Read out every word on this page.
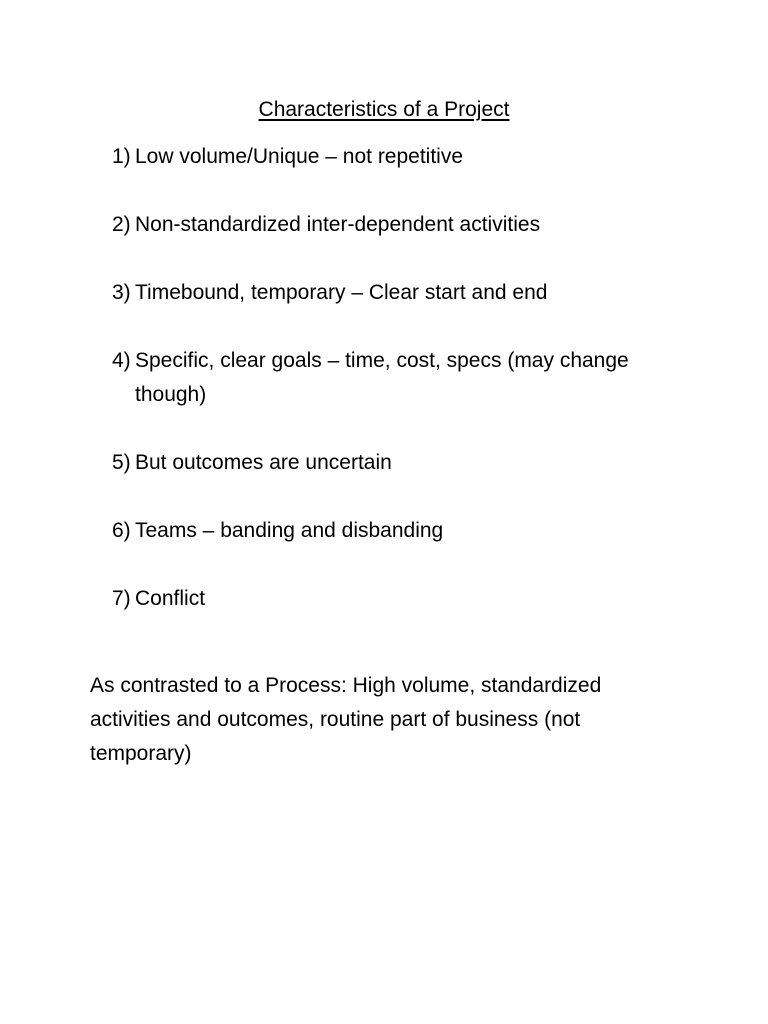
Characteristics of a Project
1) Low volume/Unique – not repetitive
2) Non-standardized inter-dependent activities
3) Timebound, temporary – Clear start and end
4) Specific, clear goals – time, cost, specs (may change though)
5) But outcomes are uncertain
6) Teams – banding and disbanding
7) Conflict

As contrasted to a Process: High volume, standardized activities and outcomes, routine part of business (not temporary)
